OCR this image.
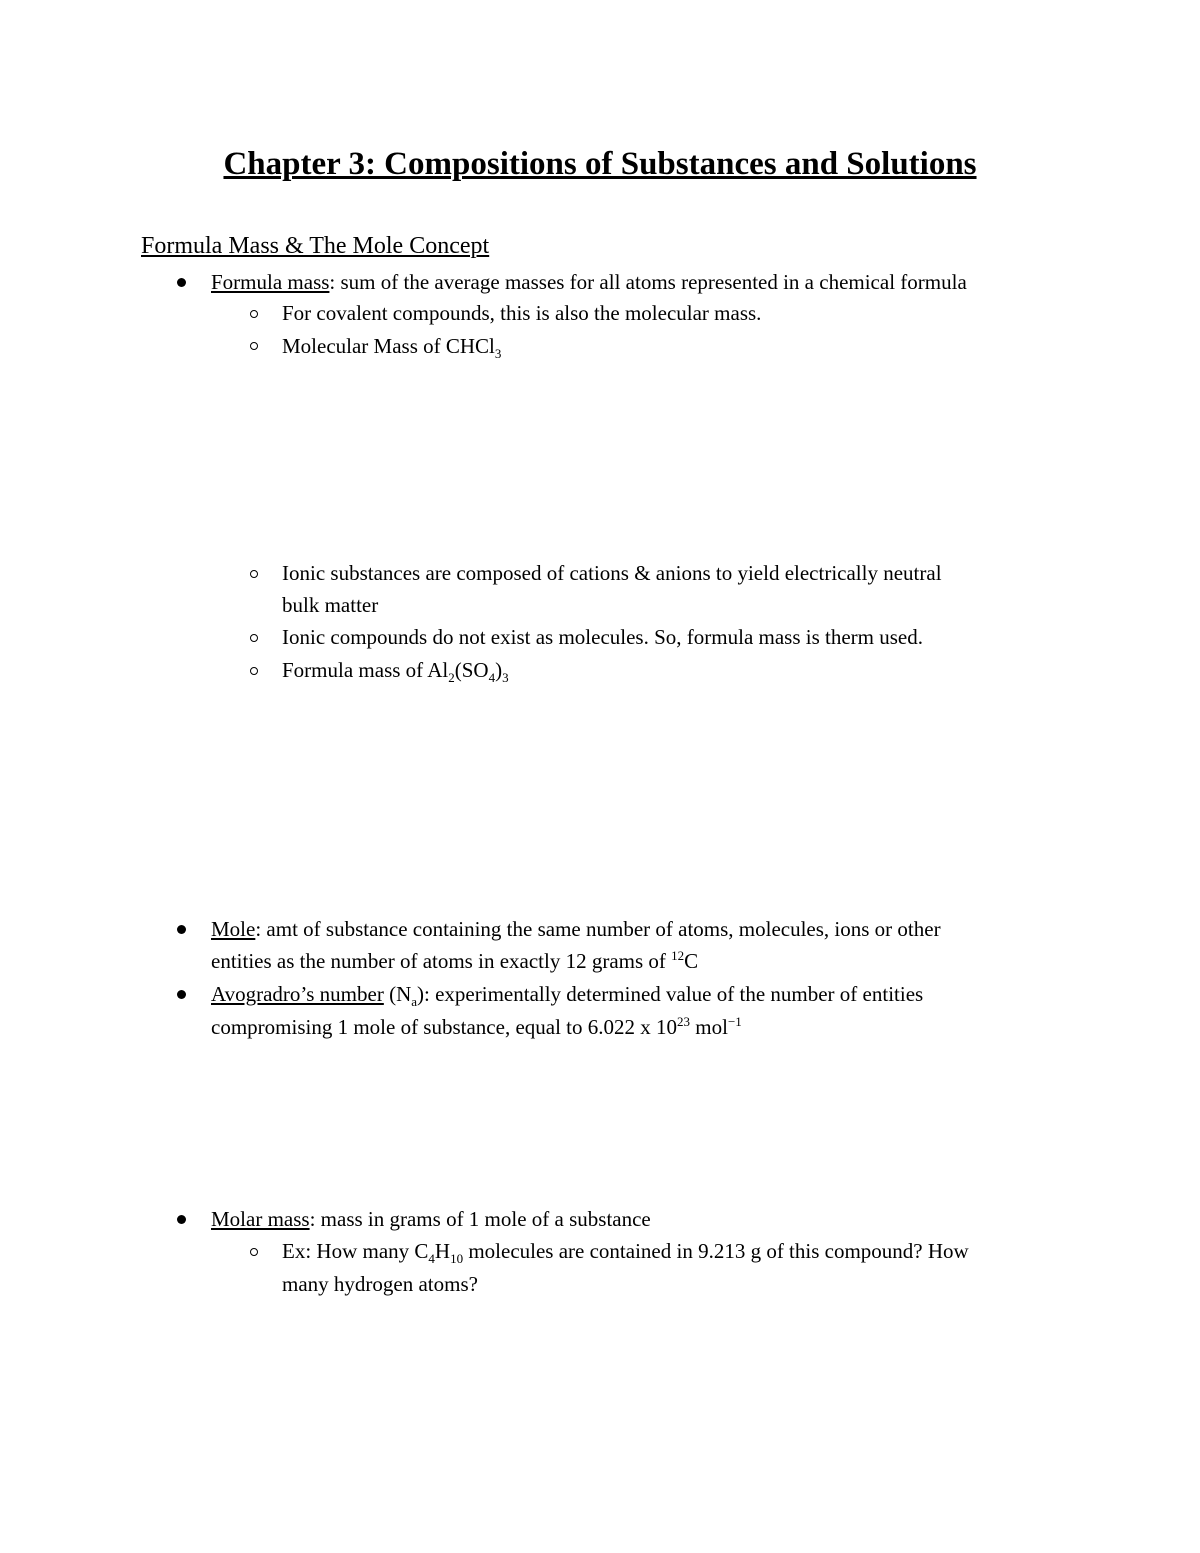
Chapter 3: Compositions of Substances and Solutions
Formula Mass & The Mole Concept
Formula mass: sum of the average masses for all atoms represented in a chemical formula
For covalent compounds, this is also the molecular mass.
Molecular Mass of CHCl$_3$
Ionic substances are composed of cations & anions to yield electrically neutral
bulk matter
Ionic compounds do not exist as molecules. So, formula mass is therm used.
Formula mass of $Al_2(SO_4)_3$
Mole: amt of substance containing the same number of atoms, molecules, ions or other
entities as the number of atoms in exactly 12 grams of $^{12}$C
Avogradro’s number $(N_a)$: experimentally determined value of the number of entities
compromising 1 mole of substance, equal to 6.022 x $10^{23}$ mol$^{-1}$
Molar mass: mass in grams of 1 mole of a substance
Ex: How many $C_4H_{10}$ molecules are contained in 9.213 g of this compound? How
many hydrogen atoms?
